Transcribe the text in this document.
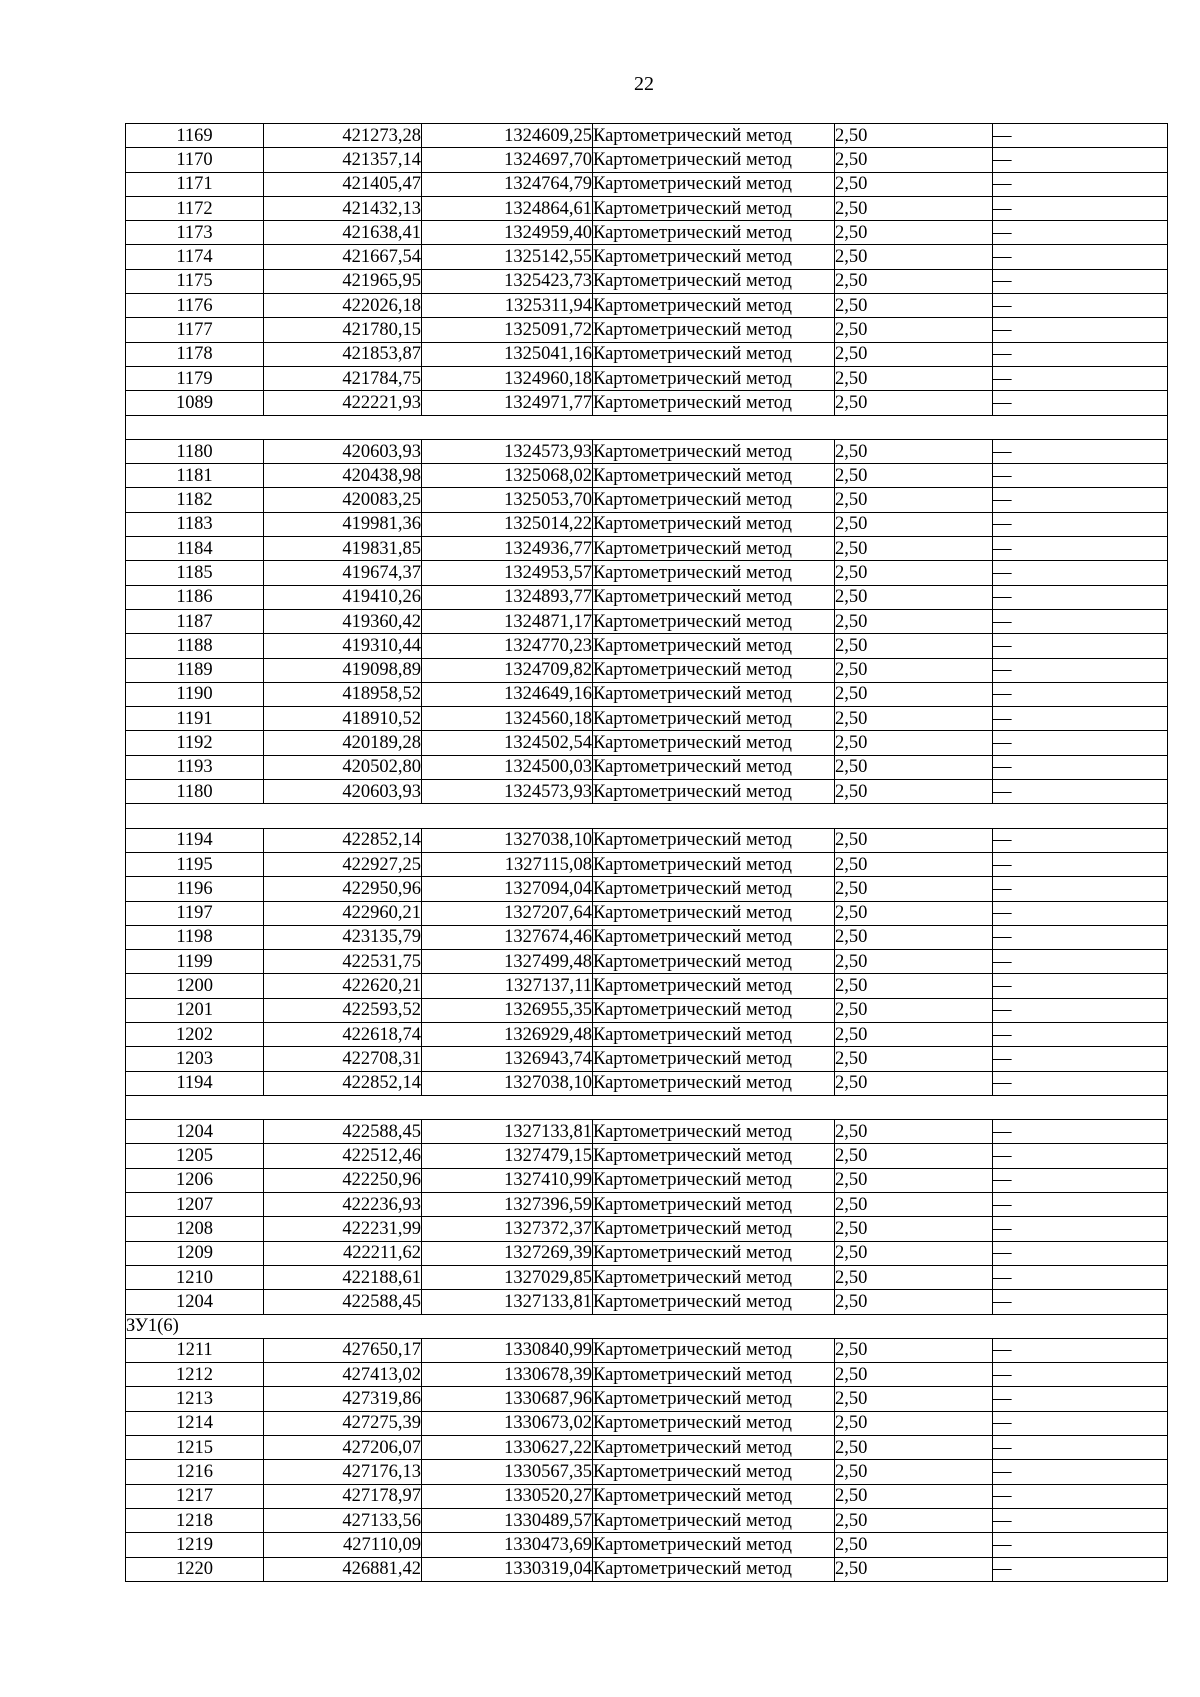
22
1169	421273,28	1324609,25	Картометрический метод	2,50	—
1170	421357,14	1324697,70	Картометрический метод	2,50	—
1171	421405,47	1324764,79	Картометрический метод	2,50	—
1172	421432,13	1324864,61	Картометрический метод	2,50	—
1173	421638,41	1324959,40	Картометрический метод	2,50	—
1174	421667,54	1325142,55	Картометрический метод	2,50	—
1175	421965,95	1325423,73	Картометрический метод	2,50	—
1176	422026,18	1325311,94	Картометрический метод	2,50	—
1177	421780,15	1325091,72	Картометрический метод	2,50	—
1178	421853,87	1325041,16	Картометрический метод	2,50	—
1179	421784,75	1324960,18	Картометрический метод	2,50	—
1089	422221,93	1324971,77	Картометрический метод	2,50	—

1180	420603,93	1324573,93	Картометрический метод	2,50	—
1181	420438,98	1325068,02	Картометрический метод	2,50	—
1182	420083,25	1325053,70	Картометрический метод	2,50	—
1183	419981,36	1325014,22	Картометрический метод	2,50	—
1184	419831,85	1324936,77	Картометрический метод	2,50	—
1185	419674,37	1324953,57	Картометрический метод	2,50	—
1186	419410,26	1324893,77	Картометрический метод	2,50	—
1187	419360,42	1324871,17	Картометрический метод	2,50	—
1188	419310,44	1324770,23	Картометрический метод	2,50	—
1189	419098,89	1324709,82	Картометрический метод	2,50	—
1190	418958,52	1324649,16	Картометрический метод	2,50	—
1191	418910,52	1324560,18	Картометрический метод	2,50	—
1192	420189,28	1324502,54	Картометрический метод	2,50	—
1193	420502,80	1324500,03	Картометрический метод	2,50	—
1180	420603,93	1324573,93	Картометрический метод	2,50	—

1194	422852,14	1327038,10	Картометрический метод	2,50	—
1195	422927,25	1327115,08	Картометрический метод	2,50	—
1196	422950,96	1327094,04	Картометрический метод	2,50	—
1197	422960,21	1327207,64	Картометрический метод	2,50	—
1198	423135,79	1327674,46	Картометрический метод	2,50	—
1199	422531,75	1327499,48	Картометрический метод	2,50	—
1200	422620,21	1327137,11	Картометрический метод	2,50	—
1201	422593,52	1326955,35	Картометрический метод	2,50	—
1202	422618,74	1326929,48	Картометрический метод	2,50	—
1203	422708,31	1326943,74	Картометрический метод	2,50	—
1194	422852,14	1327038,10	Картометрический метод	2,50	—

1204	422588,45	1327133,81	Картометрический метод	2,50	—
1205	422512,46	1327479,15	Картометрический метод	2,50	—
1206	422250,96	1327410,99	Картометрический метод	2,50	—
1207	422236,93	1327396,59	Картометрический метод	2,50	—
1208	422231,99	1327372,37	Картометрический метод	2,50	—
1209	422211,62	1327269,39	Картометрический метод	2,50	—
1210	422188,61	1327029,85	Картометрический метод	2,50	—
1204	422588,45	1327133,81	Картометрический метод	2,50	—
ЗУ1(6)					
1211	427650,17	1330840,99	Картометрический метод	2,50	—
1212	427413,02	1330678,39	Картометрический метод	2,50	—
1213	427319,86	1330687,96	Картометрический метод	2,50	—
1214	427275,39	1330673,02	Картометрический метод	2,50	—
1215	427206,07	1330627,22	Картометрический метод	2,50	—
1216	427176,13	1330567,35	Картометрический метод	2,50	—
1217	427178,97	1330520,27	Картометрический метод	2,50	—
1218	427133,56	1330489,57	Картометрический метод	2,50	—
1219	427110,09	1330473,69	Картометрический метод	2,50	—
1220	426881,42	1330319,04	Картометрический метод	2,50	—
